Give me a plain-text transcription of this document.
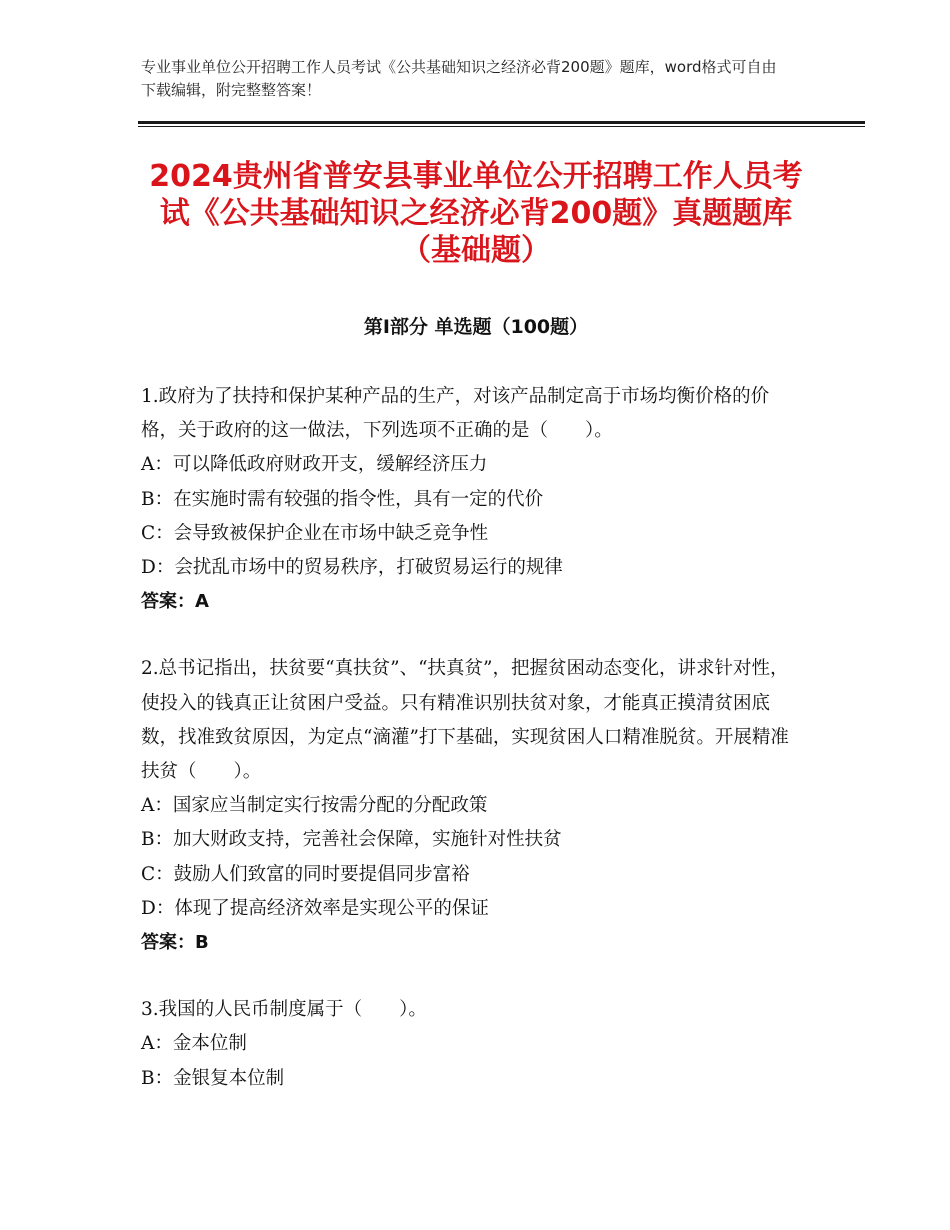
专业事业单位公开招聘工作人员考试《公共基础知识之经济必背200题》题库，word格式可自由下载编辑，附完整整答案！
2024贵州省普安县事业单位公开招聘工作人员考试《公共基础知识之经济必背200题》真题题库（基础题）
第Ⅰ部分 单选题（100题）

1.政府为了扶持和保护某种产品的生产，对该产品制定高于市场均衡价格的价格，关于政府的这一做法，下列选项不正确的是（　　）。

A：可以降低政府财政开支，缓解经济压力

B：在实施时需有较强的指令性，具有一定的代价

C：会导致被保护企业在市场中缺乏竞争性

D：会扰乱市场中的贸易秩序，打破贸易运行的规律

答案：A

2.总书记指出，扶贫要“真扶贫”、“扶真贫”，把握贫困动态变化，讲求针对性，使投入的钱真正让贫困户受益。只有精准识别扶贫对象，才能真正摸清贫困底数，找准致贫原因，为定点“滴灌”打下基础，实现贫困人口精准脱贫。开展精准扶贫（　　）。

A：国家应当制定实行按需分配的分配政策

B：加大财政支持，完善社会保障，实施针对性扶贫

C：鼓励人们致富的同时要提倡同步富裕

D：体现了提高经济效率是实现公平的保证

答案：B

3.我国的人民币制度属于（　　）。

A：金本位制

B：金银复本位制
